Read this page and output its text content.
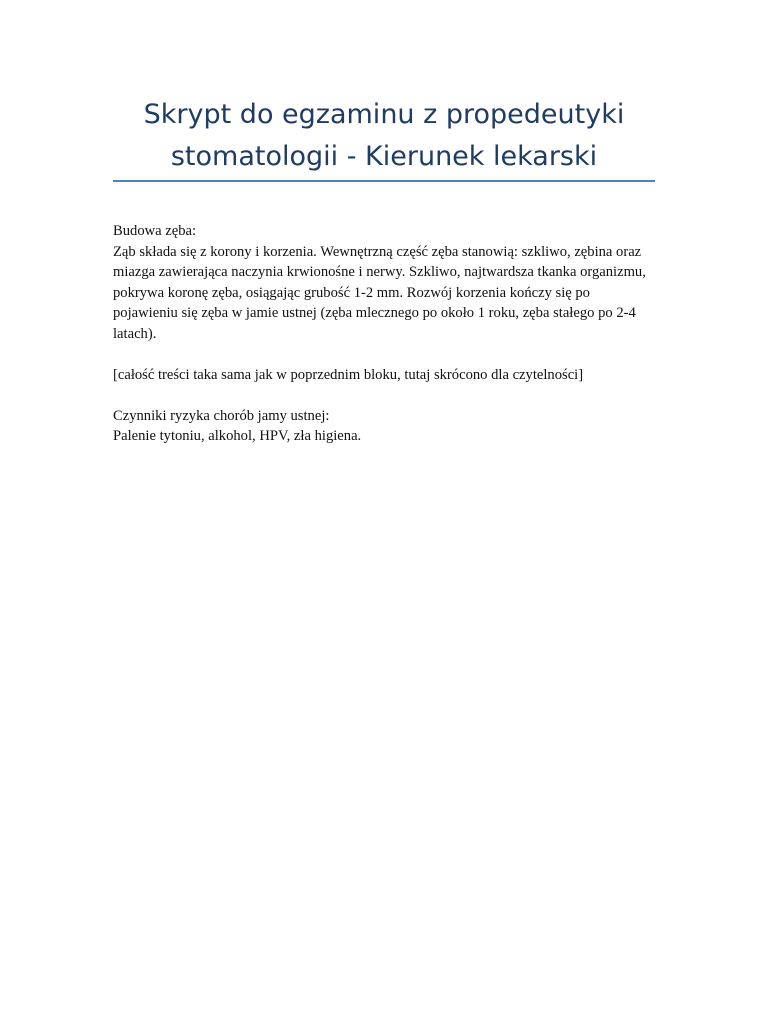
Skrypt do egzaminu z propedeutyki stomatologii - Kierunek lekarski

Budowa zęba:
Ząb składa się z korony i korzenia. Wewnętrzną część zęba stanowią: szkliwo, zębina oraz miazga zawierająca naczynia krwionośne i nerwy. Szkliwo, najtwardsza tkanka organizmu, pokrywa koronę zęba, osiągając grubość 1-2 mm. Rozwój korzenia kończy się po pojawieniu się zęba w jamie ustnej (zęba mlecznego po około 1 roku, zęba stałego po 2-4 latach).

[całość treści taka sama jak w poprzednim bloku, tutaj skrócono dla czytelności]

Czynniki ryzyka chorób jamy ustnej:
Palenie tytoniu, alkohol, HPV, zła higiena.
